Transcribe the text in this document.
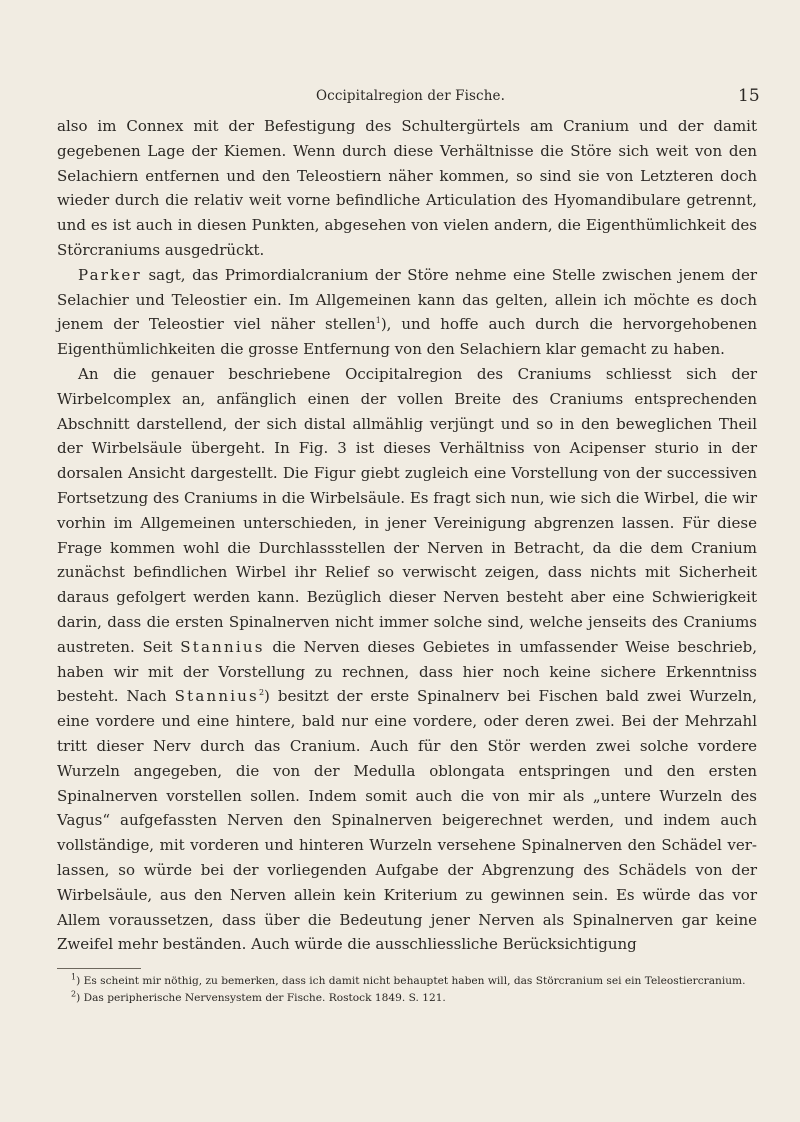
Occipitalregion der Fische.	15

also im Connex mit der Befestigung des Schultergürtels am Cranium und der damit gegebenen Lage der Kiemen. Wenn durch diese Verhältnisse die Störe sich weit von den Selachiern entfernen und den Teleostiern näher kommen, so sind sie von Letzteren doch wieder durch die relativ weit vorne befindliche Articulation des Hyomandibulare getrennt, und es ist auch in diesen Punkten, abgesehen von vielen andern, die Eigenthümlichkeit des Störcraniums ausgedrückt.

Parker sagt, das Primordialcranium der Störe nehme eine Stelle zwischen jenem der Selachier und Teleostier ein. Im Allgemeinen kann das gelten, allein ich möchte es doch jenem der Teleostier viel näher stellen$^1$), und hoffe auch durch die hervorgehobenen Eigenthümlichkeiten die grosse Entfernung von den Selachiern klar gemacht zu haben.

An die genauer beschriebene Occipitalregion des Craniums schliesst sich der Wirbelcomplex an, anfänglich einen der vollen Breite des Craniums entsprechenden Abschnitt darstellend, der sich distal allmählig verjüngt und so in den beweglichen Theil der Wirbelsäule übergeht. In Fig. 3 ist dieses Verhältniss von Acipenser sturio in der dorsalen Ansicht dargestellt. Die Figur giebt zugleich eine Vorstellung von der successiven Fortsetzung des Craniums in die Wirbelsäule. Es fragt sich nun, wie sich die Wirbel, die wir vorhin im Allgemeinen unterschieden, in jener Vereinigung abgrenzen lassen. Für diese Frage kommen wohl die Durchlassstellen der Nerven in Betracht, da die dem Cranium zunächst befindlichen Wirbel ihr Relief so verwischt zeigen, dass nichts mit Sicherheit daraus gefolgert werden kann. Bezüglich dieser Nerven besteht aber eine Schwierigkeit darin, dass die ersten Spinalnerven nicht immer solche sind, welche jenseits des Craniums austreten. Seit Stannius die Nerven dieses Gebietes in umfassender Weise beschrieb, haben wir mit der Vorstellung zu rechnen, dass hier noch keine sichere Erkenntniss besteht. Nach Stannius$^2$) besitzt der erste Spinalnerv bei Fischen bald zwei Wurzeln, eine vordere und eine hintere, bald nur eine vordere, oder deren zwei. Bei der Mehrzahl tritt dieser Nerv durch das Cranium. Auch für den Stör werden zwei solche vordere Wurzeln angegeben, die von der Medulla oblongata entspringen und den ersten Spinalnerven vorstellen sollen. Indem somit auch die von mir als „untere Wurzeln des Vagus“ aufgefassten Nerven den Spinalnerven beigerechnet werden, und indem auch vollständige, mit vorderen und hinteren Wurzeln versehene Spinalnerven den Schädel verlassen, so würde bei der vorliegenden Aufgabe der Abgrenzung des Schädels von der Wirbelsäule, aus den Nerven allein kein Kriterium zu gewinnen sein. Es würde das vor Allem voraussetzen, dass über die Bedeutung jener Nerven als Spinalnerven gar keine Zweifel mehr beständen. Auch würde die ausschliessliche Berücksichtigung

$^1$) Es scheint mir nöthig, zu bemerken, dass ich damit nicht behauptet haben will, das Störcranium sei ein Teleostiercranium.

$^2$) Das peripherische Nervensystem der Fische. Rostock 1849. S. 121.
